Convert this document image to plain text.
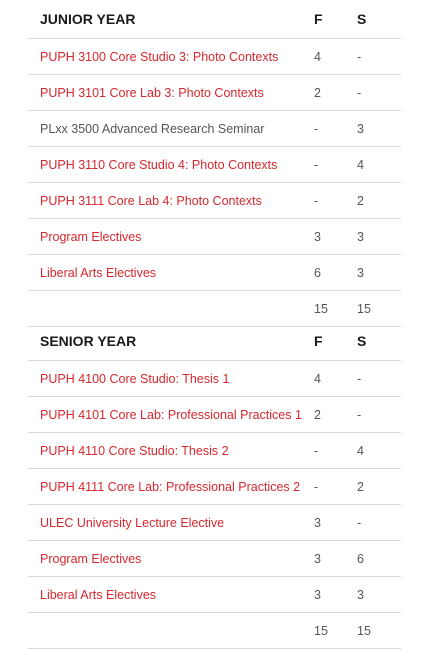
JUNIOR YEAR	F	S
PUPH 3100 Core Studio 3: Photo Contexts	4	-
PUPH 3101 Core Lab 3: Photo Contexts	2	-
PLxx 3500 Advanced Research Seminar	-	3
PUPH 3110 Core Studio 4: Photo Contexts	-	4
PUPH 3111 Core Lab 4: Photo Contexts	-	2
Program Electives	3	3
Liberal Arts Electives	6	3
	15	15
SENIOR YEAR	F	S
PUPH 4100 Core Studio: Thesis 1	4	-
PUPH 4101 Core Lab: Professional Practices 1	2	-
PUPH 4110 Core Studio: Thesis 2	-	4
PUPH 4111 Core Lab: Professional Practices 2	-	2
ULEC University Lecture Elective	3	-
Program Electives	3	6
Liberal Arts Electives	3	3
	15	15
